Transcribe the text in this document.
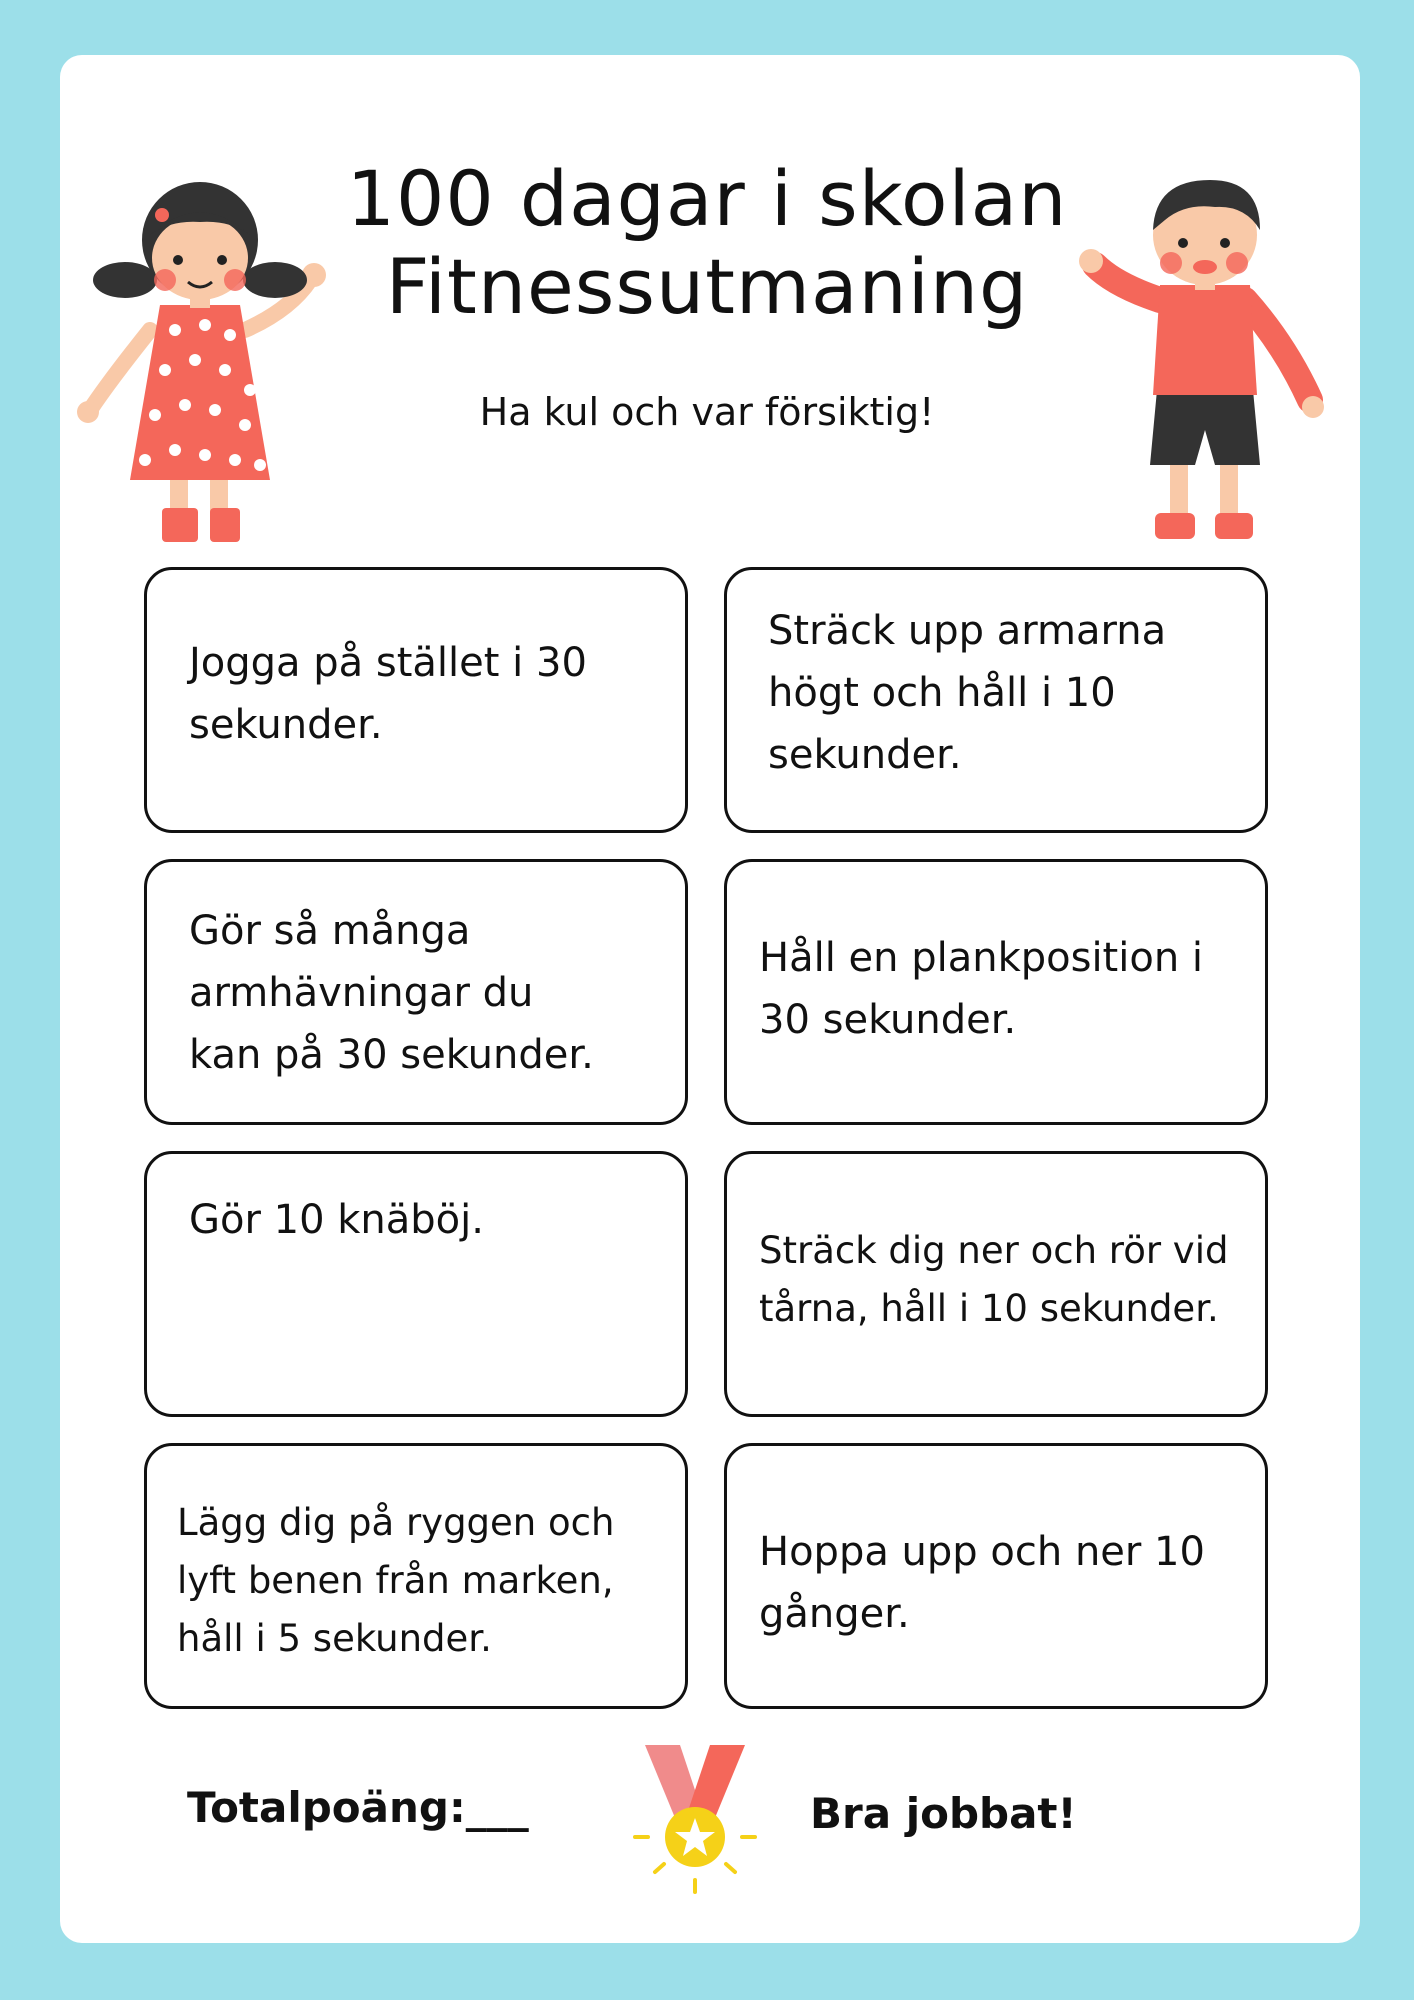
100 dagar i skolan
Fitnessutmaning

Ha kul och var försiktig!

Jogga på stället i 30
sekunder.
Sträck upp armarna
högt och håll i 10
sekunder.
Gör så många
armhävningar du
kan på 30 sekunder.
Håll en plankposition i
30 sekunder.
Gör 10 knäböj.
Sträck dig ner och rör vid
tårna, håll i 10 sekunder.
Lägg dig på ryggen och
lyft benen från marken,
håll i 5 sekunder.
Hoppa upp och ner 10
gånger.
Totalpoäng:___	Bra jobbat!
